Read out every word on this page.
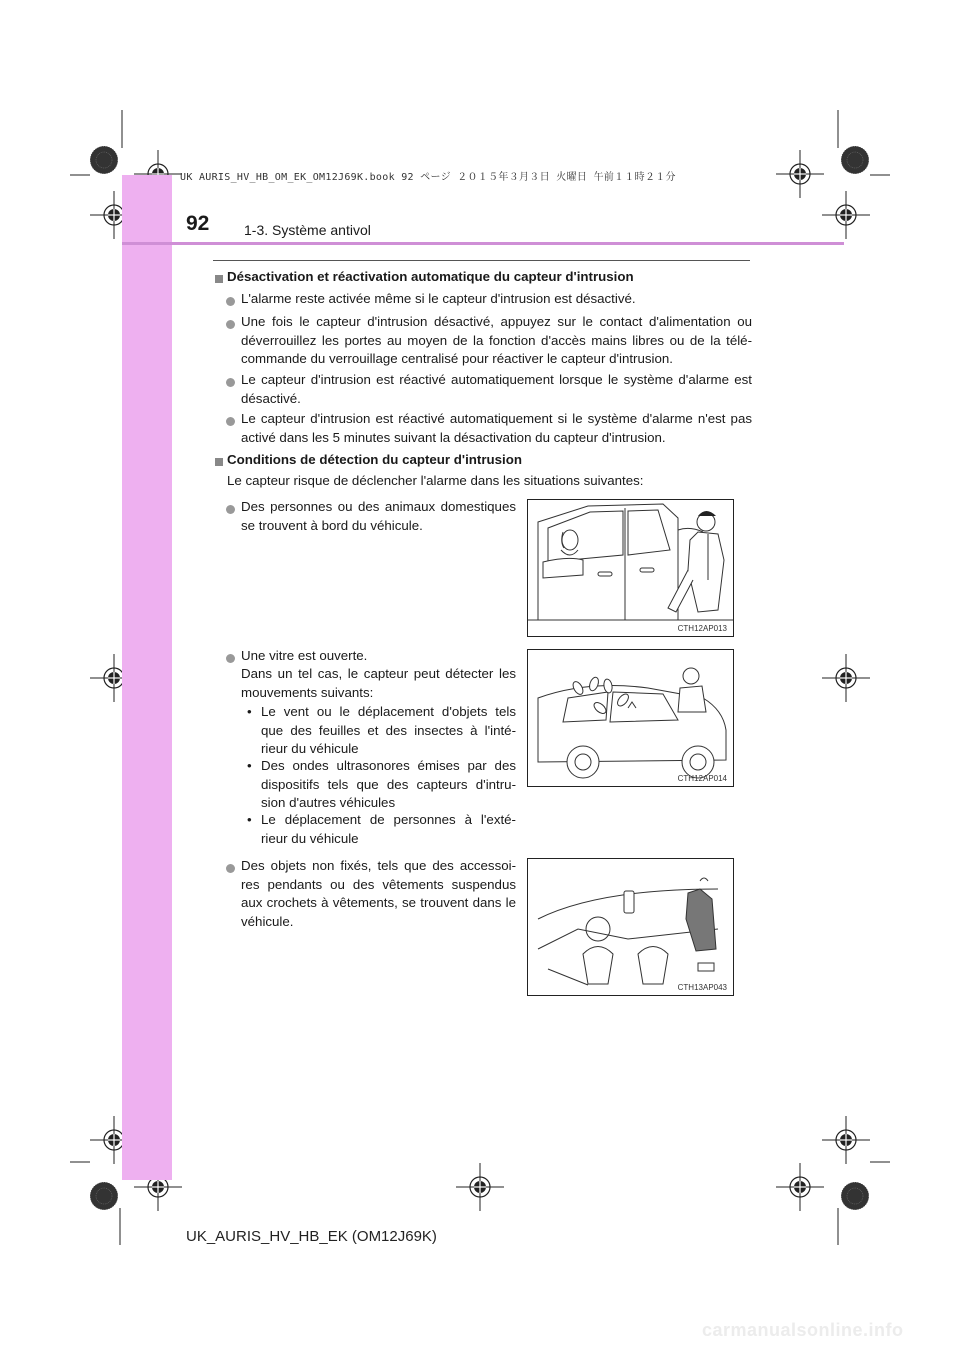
UK AURIS_HV_HB_OM_EK_OM12J69K.book 92 ページ ２０１５年３月３日 火曜日 午前１１時２１分
92 1-3. Système antivol
Désactivation et réactivation automatique du capteur d'intrusion
L'alarme reste activée même si le capteur d'intrusion est désactivé.
Une fois le capteur d'intrusion désactivé, appuyez sur le contact d'alimentation ou déverrouillez les portes au moyen de la fonction d'accès mains libres ou de la télé-commande du verrouillage centralisé pour réactiver le capteur d'intrusion.
Le capteur d'intrusion est réactivé automatiquement lorsque le système d'alarme est désactivé.
Le capteur d'intrusion est réactivé automatiquement si le système d'alarme n'est pas activé dans les 5 minutes suivant la désactivation du capteur d'intrusion.
Conditions de détection du capteur d'intrusion
Le capteur risque de déclencher l'alarme dans les situations suivantes:
Des personnes ou des animaux domestiques se trouvent à bord du véhicule.
CTH12AP013
Une vitre est ouverte.
Dans un tel cas, le capteur peut détecter les mouvements suivants:
• Le vent ou le déplacement d'objets tels que des feuilles et des insectes à l'inté-rieur du véhicule
• Des ondes ultrasonores émises par des dispositifs tels que des capteurs d'intru-sion d'autres véhicules
• Le déplacement de personnes à l'exté-rieur du véhicule
CTH12AP014
Des objets non fixés, tels que des accessoi-res pendants ou des vêtements suspendus aux crochets à vêtements, se trouvent dans le véhicule.
CTH13AP043
UK_AURIS_HV_HB_EK (OM12J69K)
carmanualsonline.info
